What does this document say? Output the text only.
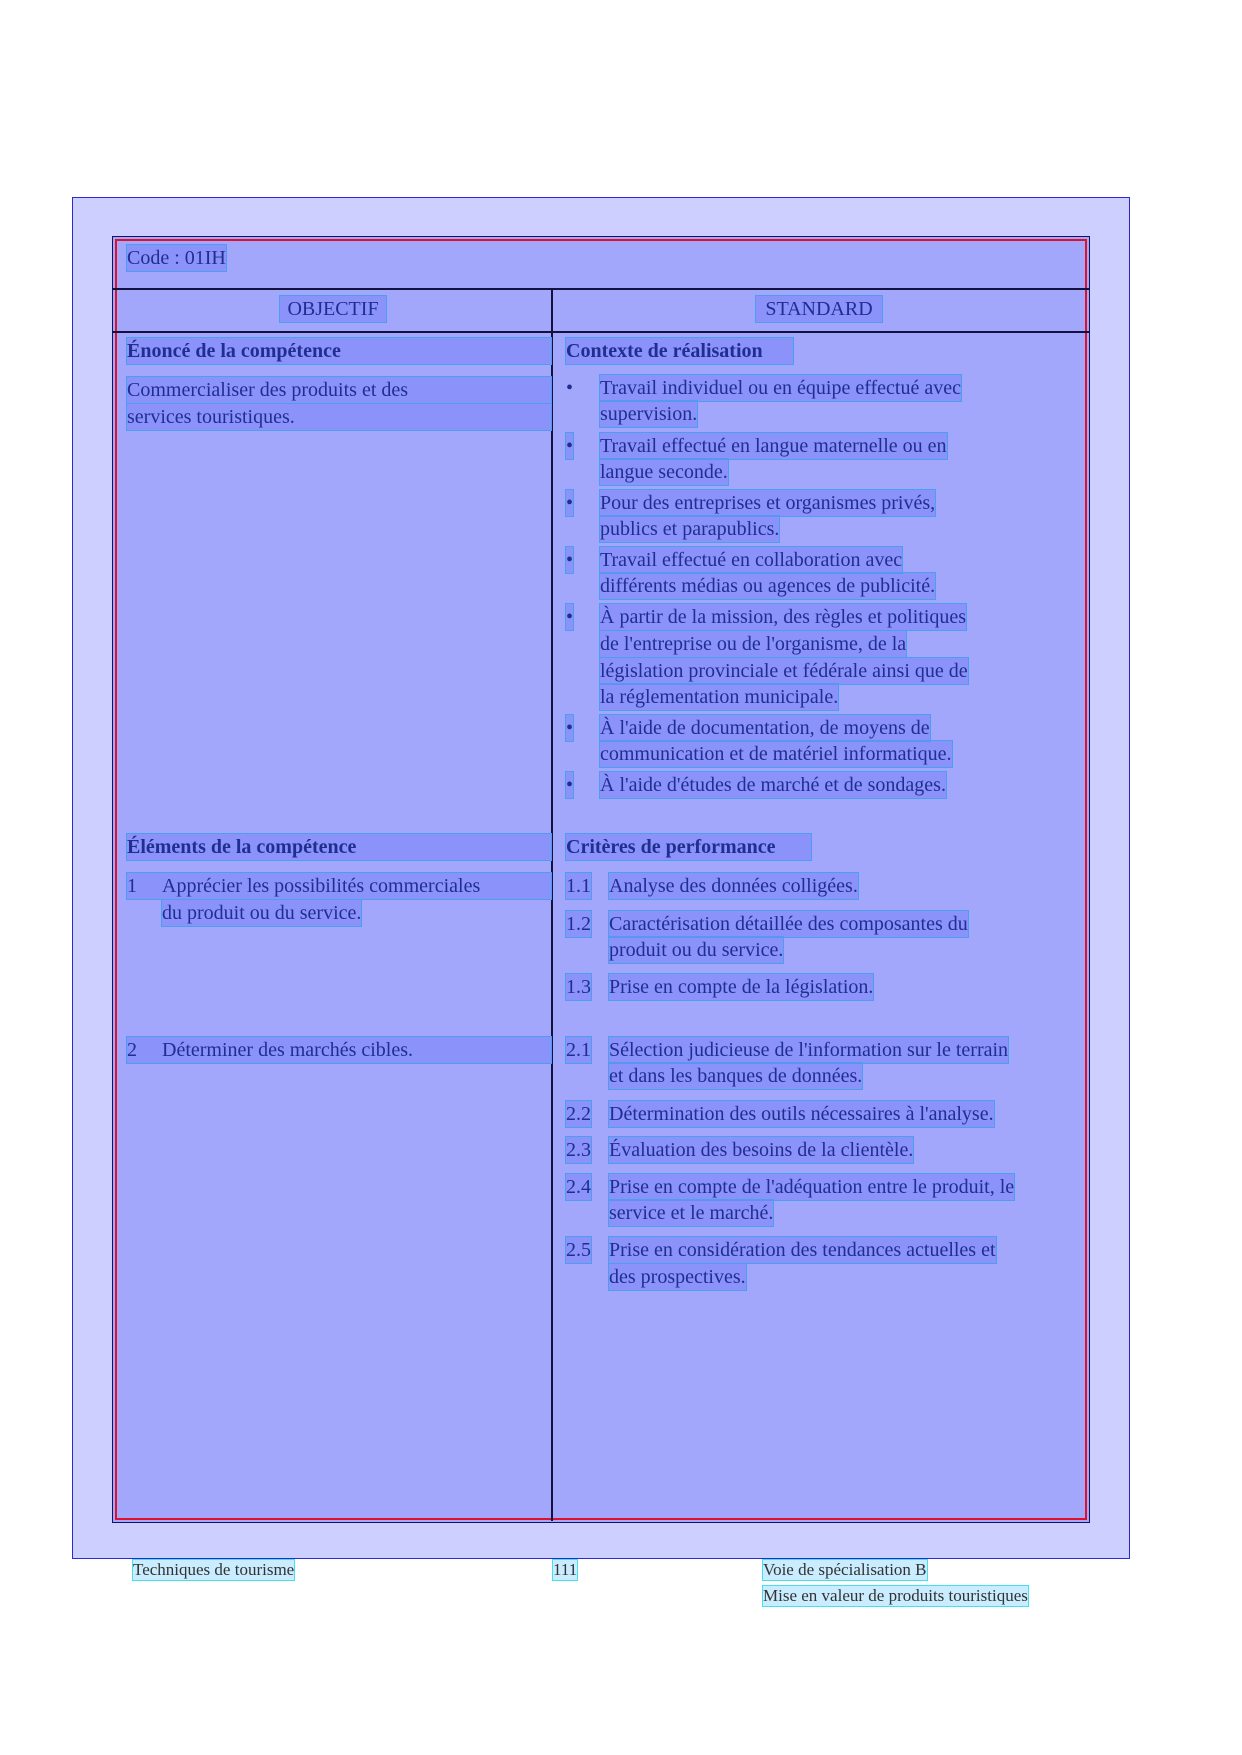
Code : 01IH
OBJECTIF	STANDARD
Énoncé de la compétence
Commercialiser des produits et des
services touristiques.
Contexte de réalisation
• Travail individuel ou en équipe effectué avec
supervision.
• Travail effectué en langue maternelle ou en
langue seconde.
• Pour des entreprises et organismes privés,
publics et parapublics.
• Travail effectué en collaboration avec
différents médias ou agences de publicité.
• À partir de la mission, des règles et politiques
de l'entreprise ou de l'organisme, de la
législation provinciale et fédérale ainsi que de
la réglementation municipale.
• À l'aide de documentation, de moyens de
communication et de matériel informatique.
• À l'aide d'études de marché et de sondages.
Éléments de la compétence
1 Apprécier les possibilités commerciales
du produit ou du service.
2 Déterminer des marchés cibles.
Critères de performance
1.1 Analyse des données colligées.
1.2 Caractérisation détaillée des composantes du
produit ou du service.
1.3 Prise en compte de la législation.
2.1 Sélection judicieuse de l'information sur le terrain
et dans les banques de données.
2.2 Détermination des outils nécessaires à l'analyse.
2.3 Évaluation des besoins de la clientèle.
2.4 Prise en compte de l'adéquation entre le produit, le
service et le marché.
2.5 Prise en considération des tendances actuelles et
des prospectives.
Techniques de tourisme	111	Voie de spécialisation B
Mise en valeur de produits touristiques
